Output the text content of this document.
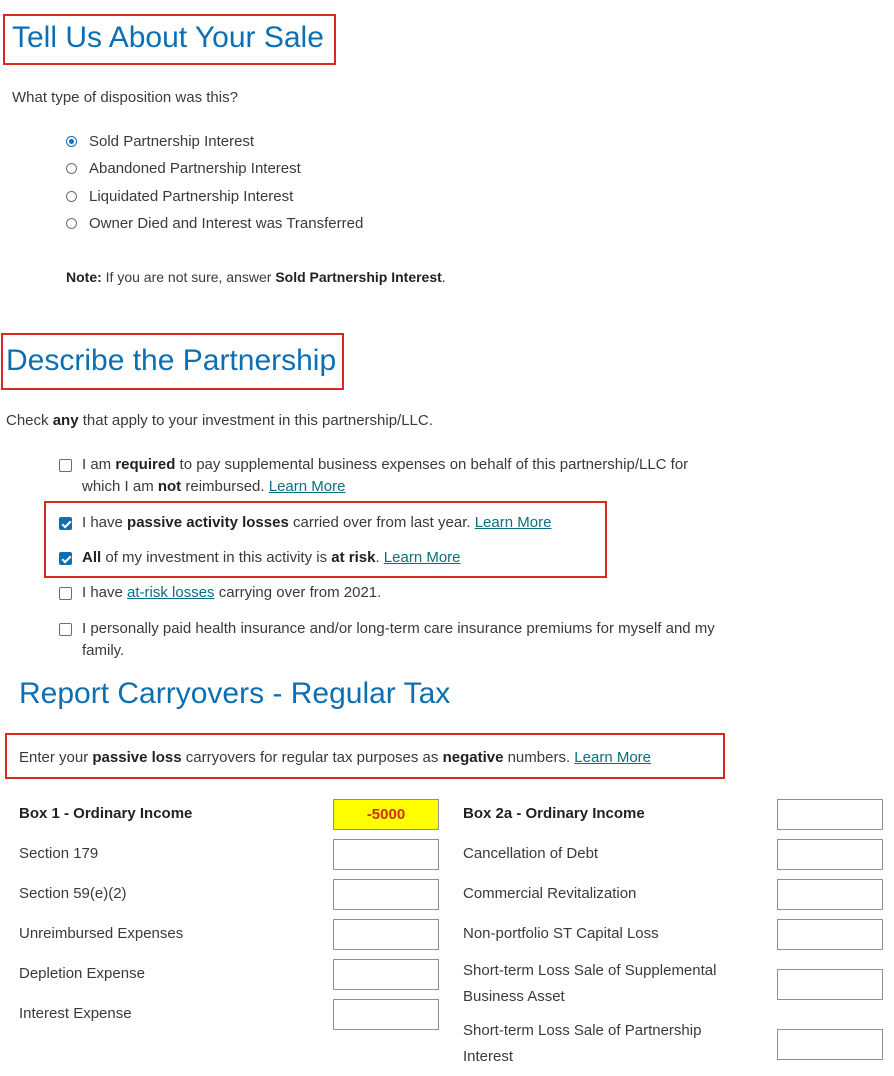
Tell Us About Your Sale
What type of disposition was this?
Sold Partnership Interest
Abandoned Partnership Interest
Liquidated Partnership Interest
Owner Died and Interest was Transferred
Note: If you are not sure, answer Sold Partnership Interest.
Describe the Partnership
Check any that apply to your investment in this partnership/LLC.
I am required to pay supplemental business expenses on behalf of this partnership/LLC for
which I am not reimbursed. Learn More
I have passive activity losses carried over from last year. Learn More
All of my investment in this activity is at risk. Learn More
I have at-risk losses carrying over from 2021.
I personally paid health insurance and/or long-term care insurance premiums for myself and my
family.
Report Carryovers - Regular Tax
Enter your passive loss carryovers for regular tax purposes as negative numbers. Learn More
Box 1 - Ordinary Income
-5000
Section 179
Section 59(e)(2)
Unreimbursed Expenses
Depletion Expense
Interest Expense
Box 2a - Ordinary Income
Cancellation of Debt
Commercial Revitalization
Non-portfolio ST Capital Loss
Short-term Loss Sale of Supplemental Business Asset
Short-term Loss Sale of Partnership Interest
